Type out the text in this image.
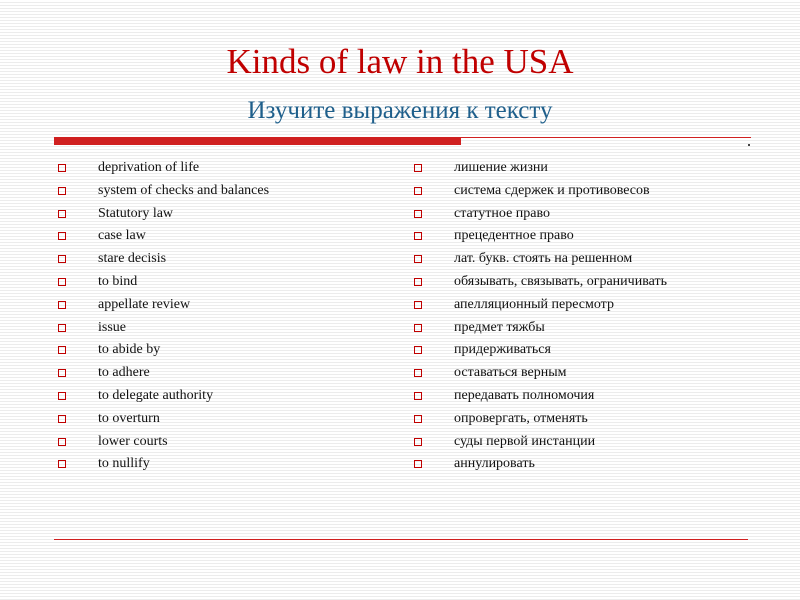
Kinds of law in the USA
Изучите выражения к тексту
deprivation of life
system of checks and balances
Statutory law
case law
stare decisis
to bind
appellate review
issue
to abide by
to adhere
to delegate authority
to overturn
lower courts
to nullify
лишение жизни
система сдержек и противовесов
статутное право
прецедентное право
лат. букв. стоять на решенном
обязывать, связывать, ограничивать
апелляционный пересмотр
предмет тяжбы
придерживаться
оставаться верным
передавать полномочия
опровергать, отменять
суды первой инстанции
аннулировать
